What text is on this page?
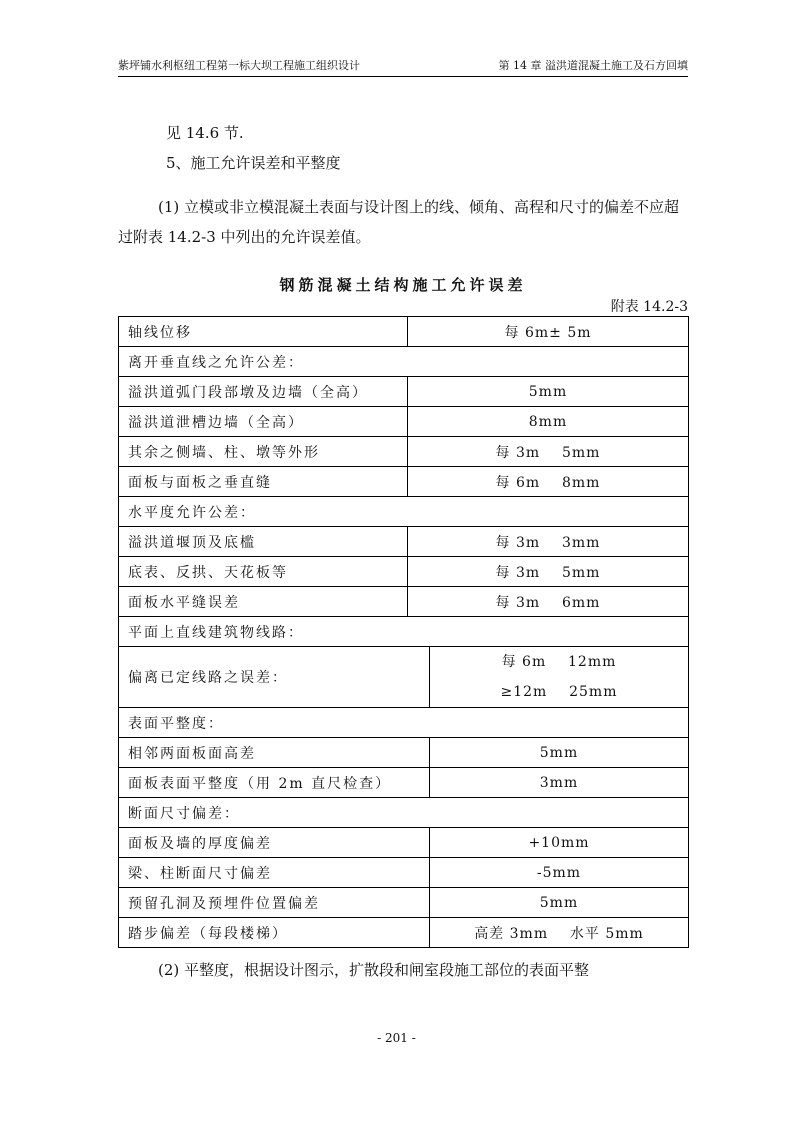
紫坪铺水利枢纽工程第一标大坝工程施工组织设计	第 14 章 溢洪道混凝土施工及石方回填
见 14.6 节.
5、施工允许误差和平整度
(1) 立模或非立模混凝土表面与设计图上的线、倾角、高程和尺寸的偏差不应超过附表 14.2-3 中列出的允许误差值。
钢筋混凝土结构施工允许误差
附表 14.2-3
轴线位移	每 6m± 5m	
离开垂直线之允许公差：		
溢洪道弧门段部墩及边墙（全高）	5mm	
溢洪道泄槽边墙（全高）	8mm	
其余之侧墙、柱、墩等外形	每 3m    5mm	
面板与面板之垂直缝	每 6m    8mm	
水平度允许公差：		
溢洪道堰顶及底槛	每 3m    3mm	
底表、反拱、天花板等	每 3m    5mm	
面板水平缝误差	每 3m    6mm	
平面上直线建筑物线路：		
偏离已定线路之误差：		每 6m    12mm
≥12m    25mm

表面平整度：		
相邻两面板面高差		5mm
面板表面平整度（用 2m 直尺检查）		3mm
断面尺寸偏差：		
面板及墙的厚度偏差		+10mm
梁、柱断面尺寸偏差		-5mm
预留孔洞及预埋件位置偏差		5mm
踏步偏差（每段楼梯）		高差 3mm    水平 5mm
(2) 平整度，根据设计图示，扩散段和闸室段施工部位的表面平整
- 201 -
